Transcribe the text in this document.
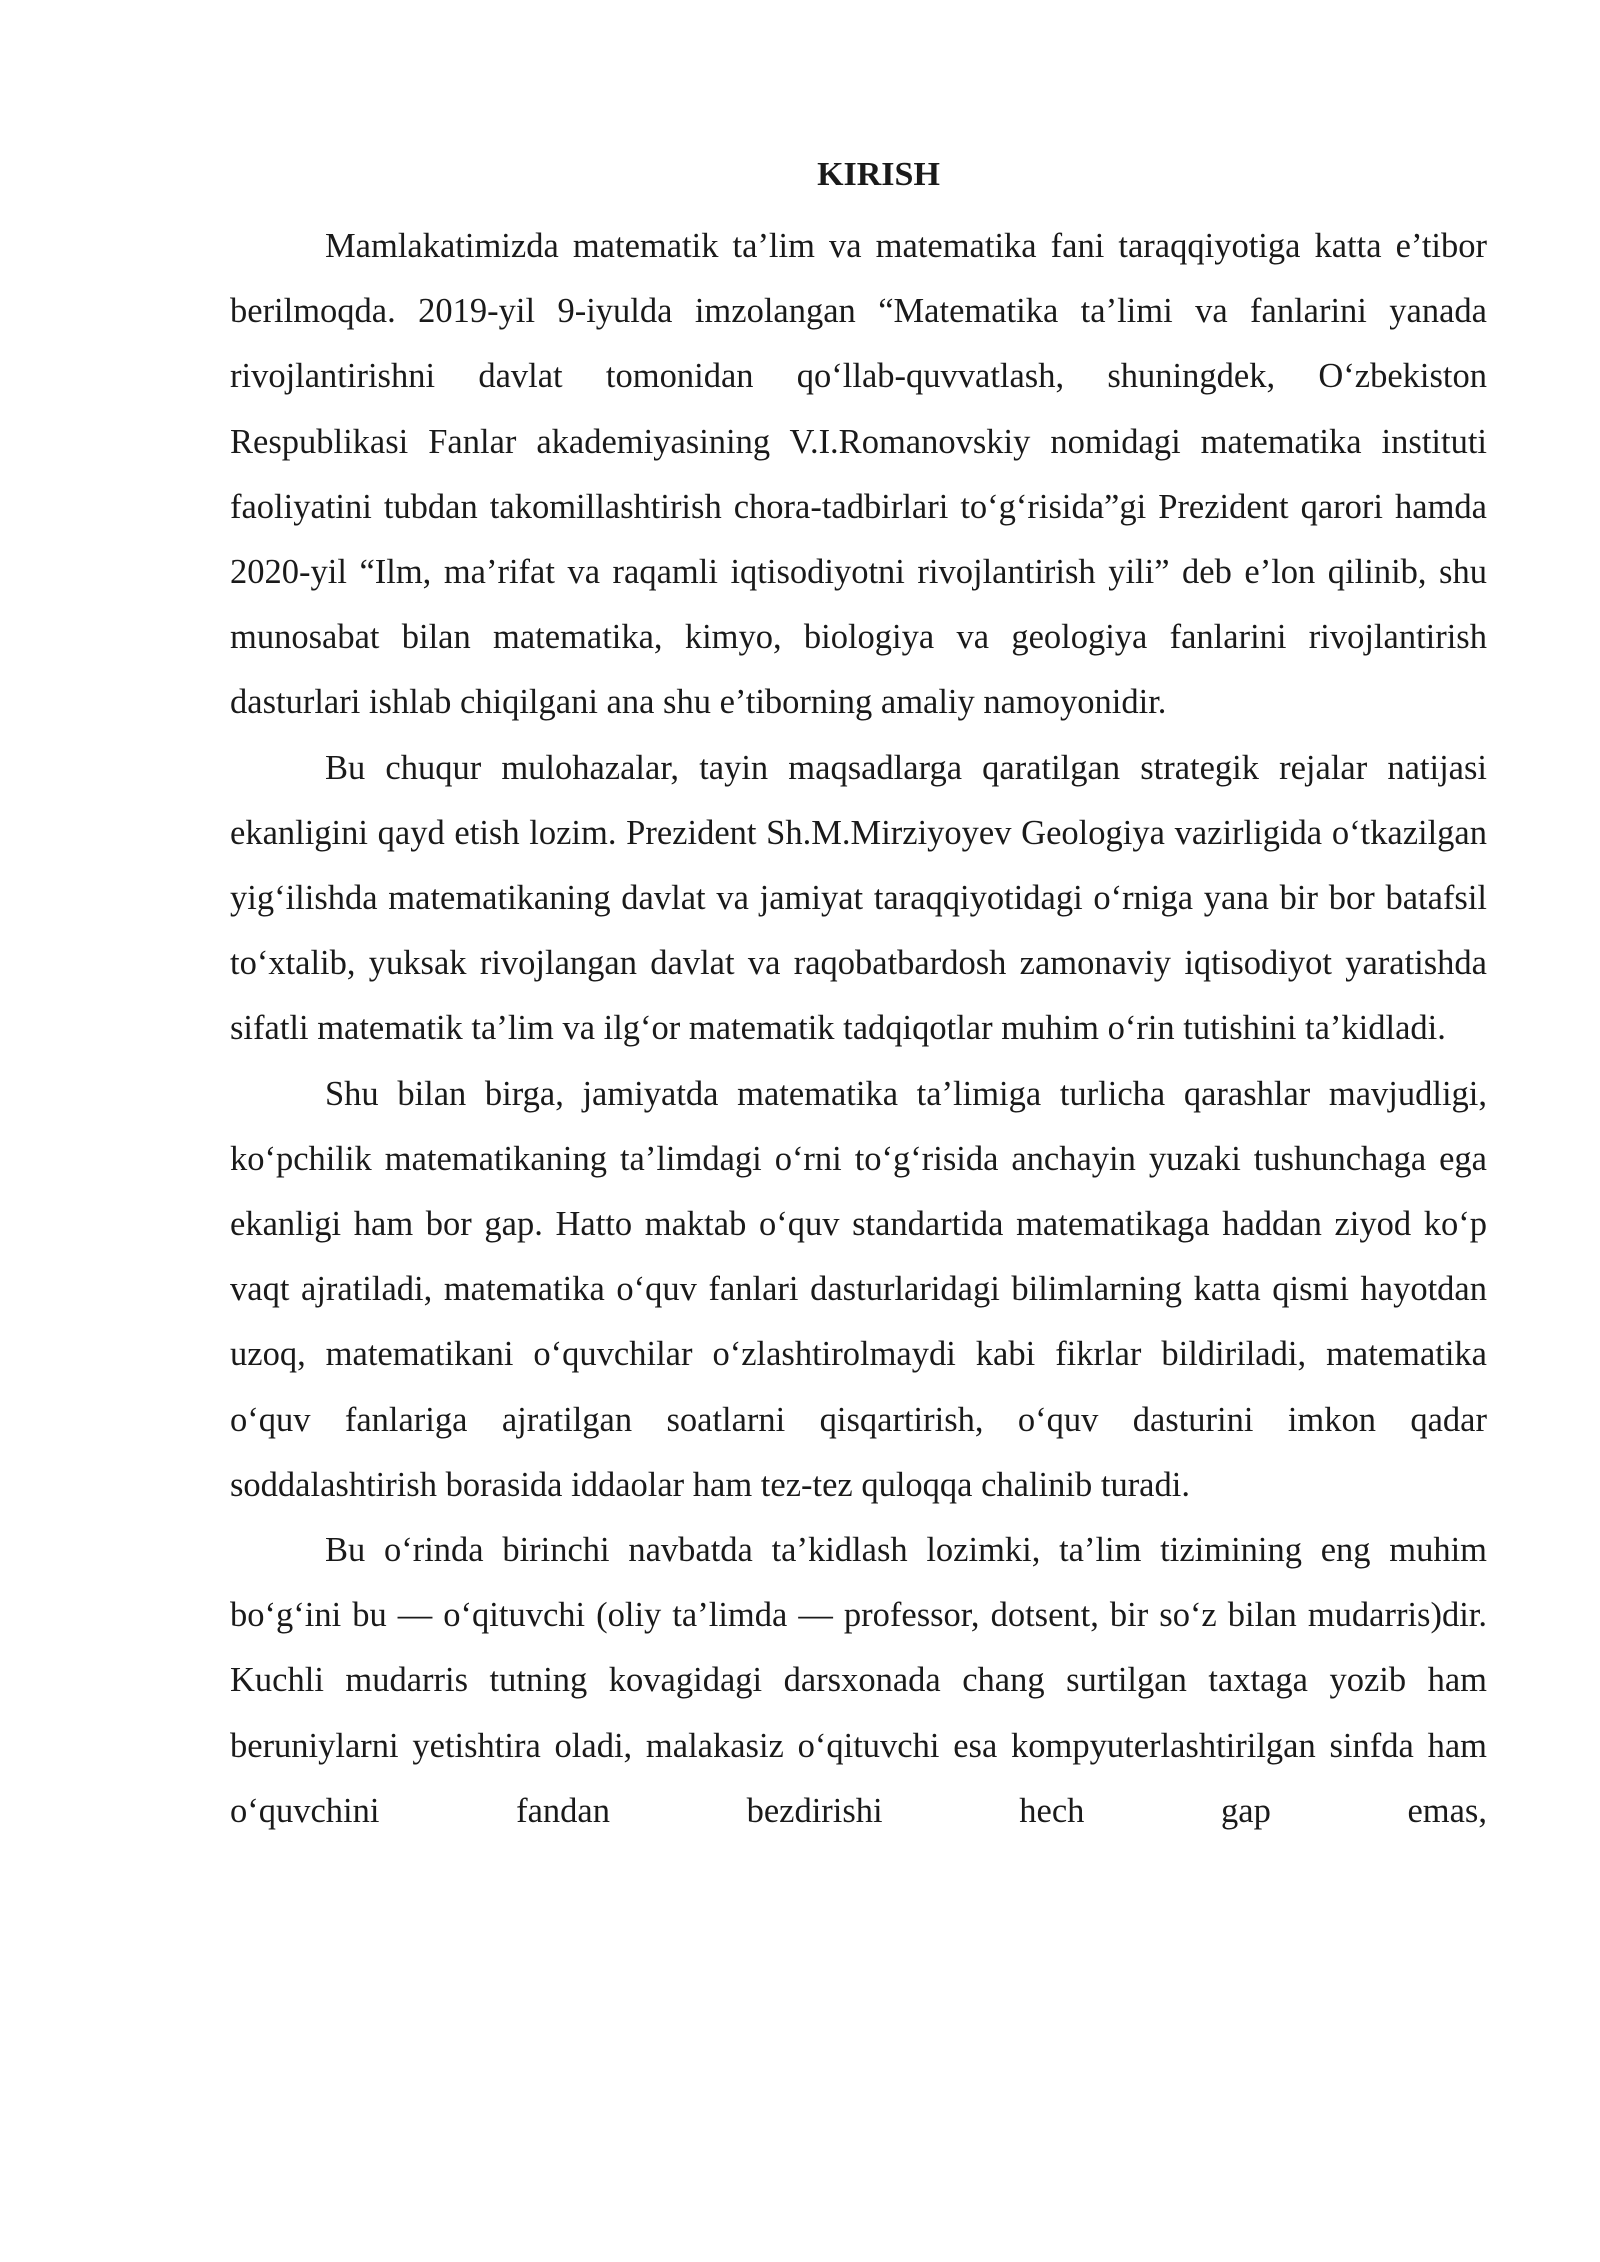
KIRISH

Mamlakatimizda matematik ta’lim va matematika fani taraqqiyotiga katta e’tibor berilmoqda. 2019-yil 9-iyulda imzolangan “Matematika ta’limi va fanlarini yanada rivojlantirishni davlat tomonidan qo‘llab-quvvatlash, shuningdek, O‘zbekiston Respublikasi Fanlar akademiyasining V.I.Romanovskiy nomidagi matematika instituti faoliyatini tubdan takomillashtirish chora-tadbirlari to‘g‘risida”gi Prezident qarori hamda 2020-yil “Ilm, ma’rifat va raqamli iqtisodiyotni rivojlantirish yili” deb e’lon qilinib, shu munosabat bilan matematika, kimyo, biologiya va geologiya fanlarini rivojlantirish dasturlari ishlab chiqilgani ana shu e’tiborning amaliy namoyonidir.

Bu chuqur mulohazalar, tayin maqsadlarga qaratilgan strategik rejalar natijasi ekanligini qayd etish lozim. Prezident Sh.M.Mirziyoyev Geologiya vazirligida o‘tkazilgan yig‘ilishda matematikaning davlat va jamiyat taraqqiyotidagi o‘rniga yana bir bor batafsil to‘xtalib, yuksak rivojlangan davlat va raqobatbardosh zamonaviy iqtisodiyot yaratishda sifatli matematik ta’lim va ilg‘or matematik tadqiqotlar muhim o‘rin tutishini ta’kidladi.

Shu bilan birga, jamiyatda matematika ta’limiga turlicha qarashlar mavjudligi, ko‘pchilik matematikaning ta’limdagi o‘rni to‘g‘risida anchayin yuzaki tushunchaga ega ekanligi ham bor gap. Hatto maktab o‘quv standartida matematikaga haddan ziyod ko‘p vaqt ajratiladi, matematika o‘quv fanlari dasturlaridagi bilimlarning katta qismi hayotdan uzoq, matematikani o‘quvchilar o‘zlashtirolmaydi kabi fikrlar bildiriladi, matematika o‘quv fanlariga ajratilgan soatlarni qisqartirish, o‘quv dasturini imkon qadar soddalashtirish borasida iddaolar ham tez-tez quloqqa chalinib turadi.

Bu o‘rinda birinchi navbatda ta’kidlash lozimki, ta’lim tizimining eng muhim bo‘g‘ini bu — o‘qituvchi (oliy ta’limda — professor, dotsent, bir so‘z bilan mudarris)dir. Kuchli mudarris tutning kovagidagi darsxonada chang surtilgan taxtaga yozib ham beruniylarni yetishtira oladi, malakasiz o‘qituvchi esa kompyuterlashtirilgan sinfda ham o‘quvchini fandan bezdirishi hech gap emas,
